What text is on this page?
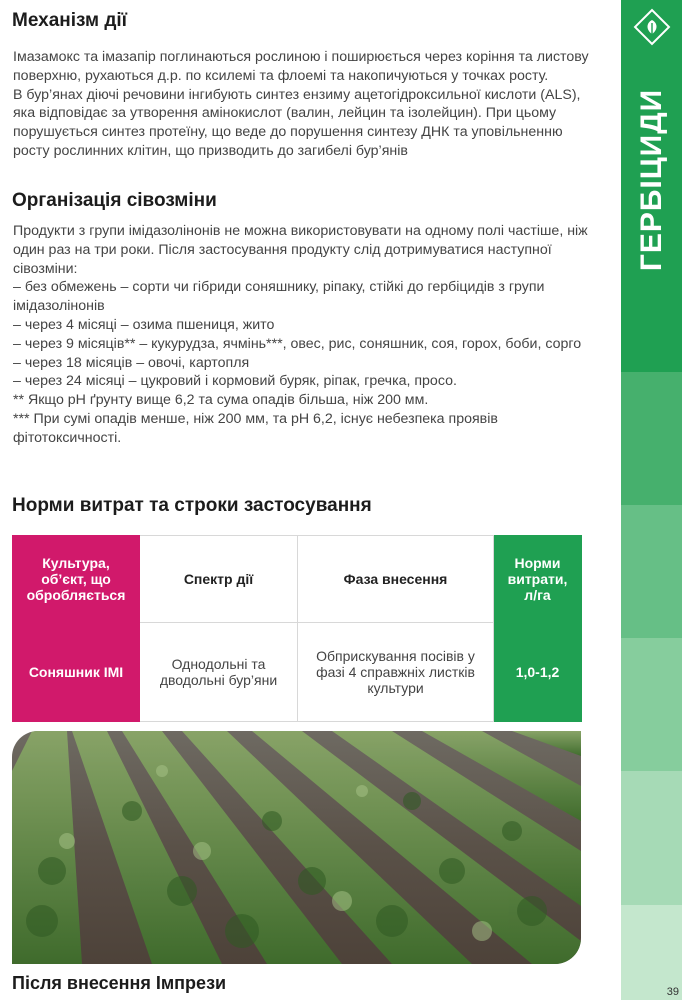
Механізм дії

Імазамокс та імазапір поглинаються рослиною і поширюється через коріння та листову поверхню, рухаються д.р. по ксилемі та флоемі та накопичуються у точках росту.

В бур’янах діючі речовини інгибують синтез ензиму ацетогідроксильної кислоти (ALS), яка відповідає за утворення амінокислот (валин, лейцин та ізолейцин). При цьому порушується синтез протеїну, що веде до порушення синтезу ДНК та уповільненню росту рослинних клітин, що призводить до загибелі бур’янів

Організація сівозміни

Продукти з групи імідазолінонів не можна використовувати на одному полі частіше, ніж один раз на три роки. Після застосування продукту слід дотримуватися наступної сівозміни:

– без обмежень – сорти чи гібриди соняшнику, ріпаку, стійкі до гербіцидів з групи імідазолінонів

– через 4 місяці – озима пшениця, жито

– через 9 місяців** – кукурудза, ячмінь***, овес, рис, соняшник, соя, горох, боби, сорго

– через 18 місяців – овочі, картопля

– через 24 місяці – цукровий і кормовий буряк, ріпак, гречка, просо.

** Якщо pH ґрунту вище 6,2 та сума опадів більша, ніж 200 мм.

*** При сумі опадів менше, ніж 200 мм, та pH 6,2, існує небезпека проявів фітотоксичності.

Норми витрат та строки застосування
Культура, об’єкт, що обробляється	Спектр дії	Фаза внесення	Норми витрати, л/га
Соняшник IMI	Однодольні та дводольні бур’яни	Обприскування посівів у фазі 4 справжніх листків культури	1,0-1,2
Після внесення Імпрези
ГЕРБІЦИДИ
39
